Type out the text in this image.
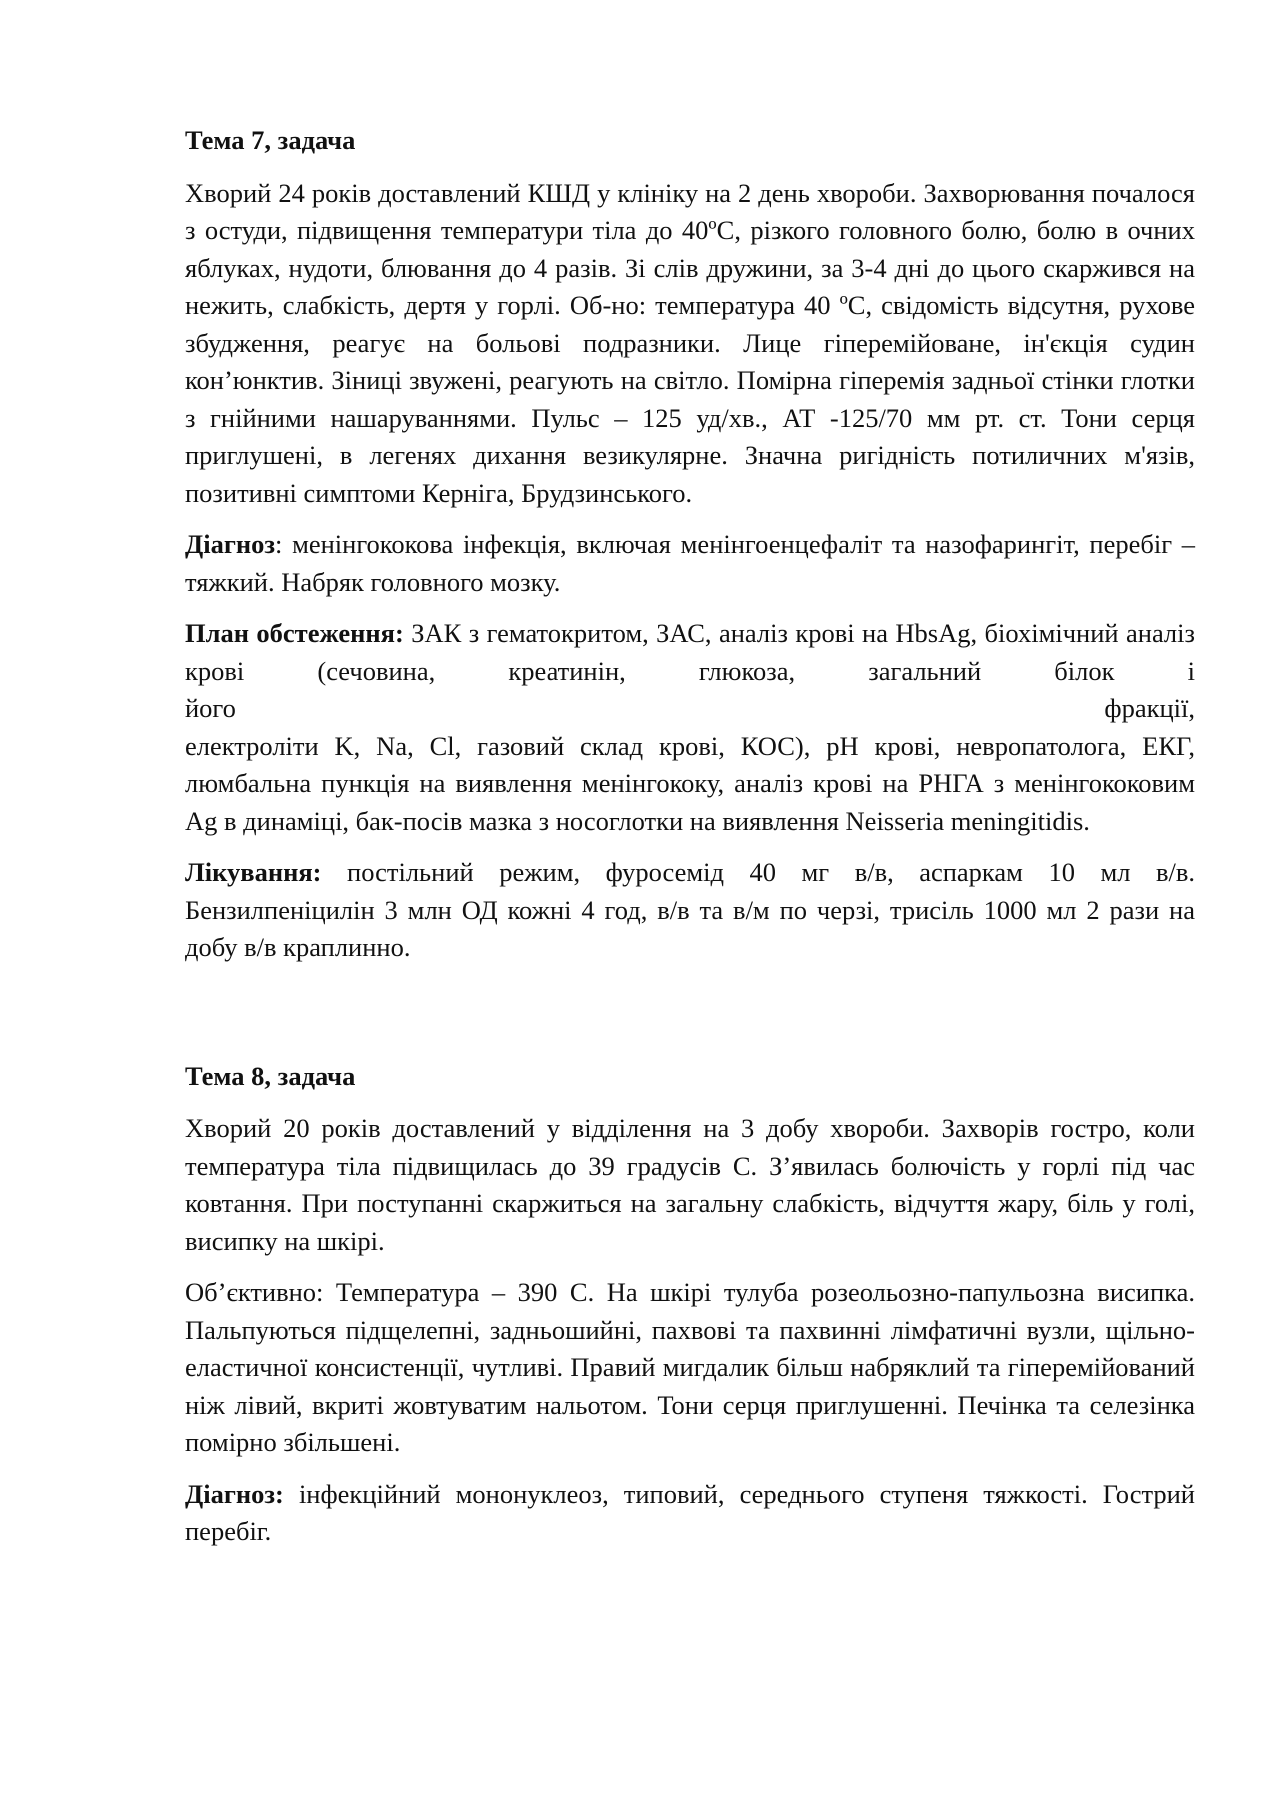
Тема 7, задача

Хворий 24 років доставлений КШД у клініку на 2 день хвороби. Захворювання почалося з остуди, підвищення температури тіла до 40ºС, різкого головного болю, болю в очних яблуках, нудоти, блювання до 4 разів. Зі слів дружини, за 3-4 дні до цього скаржився на нежить, слабкість, дертя у горлі. Об-но: температура 40 ºС, свідомість відсутня, рухове збудження, реагує на больові подразники. Лице гіперемійоване, ін'єкція судин кон’юнктив. Зіниці звужені, реагують на світло. Помірна гіперемія задньої стінки глотки з гнійними нашаруваннями. Пульс – 125 уд/хв., АТ -125/70 мм рт. ст. Тони серця приглушені, в легенях дихання везикулярне. Значна ригідність потиличних м'язів, позитивні симптоми Керніга, Брудзинського.

Діагноз: менінгококова інфекція, включая менінгоенцефаліт та назофарингіт, перебіг – тяжкий. Набряк головного мозку.

План обстеження: ЗАК з гематокритом, ЗАС, аналіз крові на HbsAg, біохімічний аналіз крові (сечовина, креатинін, глюкоза, загальний білок і
його	фракції,
електроліти K, Na, Cl, газовий склад крові, КОС), pH крові, невропатолога, ЕКГ, люмбальна пункція на виявлення менінгококу, аналіз крові на РНГА з менінгококовим Ag в динаміці, бак-посів мазка з носоглотки на виявлення Neisseria meningitidis.

Лікування: постільний режим, фуросемід 40 мг в/в, аспаркам 10 мл в/в. Бензилпеніцилін 3 млн ОД кожні 4 год, в/в та в/м по черзі, трисіль 1000 мл 2 рази на добу в/в краплинно.

Тема 8, задача

Хворий 20 років доставлений у відділення на 3 добу хвороби. Захворів гостро, коли температура тіла підвищилась до 39 градусів С. З’явилась болючість у горлі під час ковтання. При поступанні скаржиться на загальну слабкість, відчуття жару, біль у голі, висипку на шкірі.

Об’єктивно: Температура – 390 С. На шкірі тулуба розеольозно-папульозна висипка. Пальпуються підщелепні, задньошийні, пахвові та пахвинні лімфатичні вузли, щільно-еластичної консистенції, чутливі. Правий мигдалик більш набряклий та гіперемійований ніж лівий, вкриті жовтуватим нальотом. Тони серця приглушенні. Печінка та селезінка помірно збільшені.

Діагноз: інфекційний мононуклеоз, типовий, середнього ступеня тяжкості. Гострий перебіг.
